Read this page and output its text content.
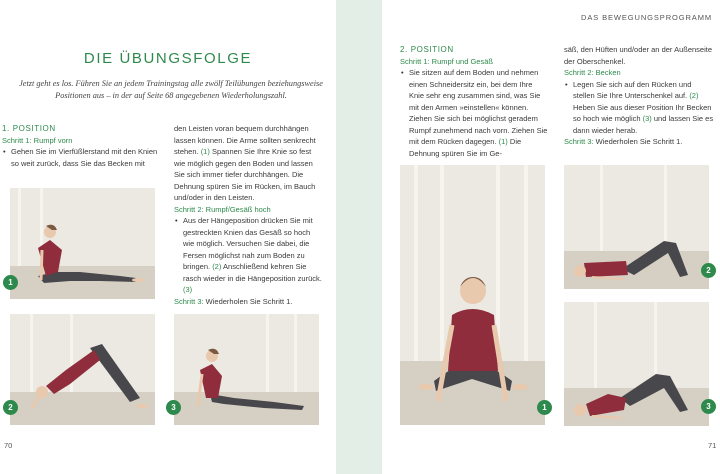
DAS BEWEGUNGSPROGRAMM
DIE ÜBUNGSFOLGE
Jetzt geht es los. Führen Sie an jedem Trainingstag alle zwölf Teilübungen beziehungsweise Positionen aus – in der auf Seite 68 angegebenen Wiederholungszahl.

1. POSITION

Schritt 1: Rumpf vorn

• Gehen Sie im Vierfüßlerstand mit den Knien so weit zurück, dass Sie das Becken mit

den Leisten voran bequem durchhängen lassen können. Die Arme sollten senkrecht stehen. (1) Spannen Sie Ihre Knie so fest wie möglich gegen den Boden und lassen Sie sich immer tiefer durchhängen. Die Dehnung spüren Sie im Rücken, im Bauch und/oder in den Leisten.

Schritt 2: Rumpf/Gesäß hoch

• Aus der Hängeposition drücken Sie mit gestreckten Knien das Gesäß so hoch wie möglich. Versuchen Sie dabei, die Fersen möglichst nah zum Boden zu bringen. (2) Anschließend kehren Sie rasch wieder in die Hängeposition zurück. (3)

Schritt 3: Wiederholen Sie Schritt 1.

2. POSITION

Schritt 1: Rumpf und Gesäß

• Sie sitzen auf dem Boden und nehmen einen Schneidersitz ein, bei dem Ihre Knie sehr eng zusammen sind, was Sie mit den Armen »einstellen« können. Ziehen Sie sich bei möglichst geradem Rumpf zunehmend nach vorn. Ziehen Sie mit dem Rücken dagegen. (1) Die Dehnung spüren Sie im Ge-

säß, den Hüften und/oder an der Außenseite der Oberschenkel.

Schritt 2: Becken

• Legen Sie sich auf den Rücken und stellen Sie Ihre Unterschenkel auf. (2) Heben Sie aus dieser Position Ihr Becken so hoch wie möglich (3) und lassen Sie es dann wieder herab.

Schritt 3: Wiederholen Sie Schritt 1.

1
2	3	1
2
3
70	71
